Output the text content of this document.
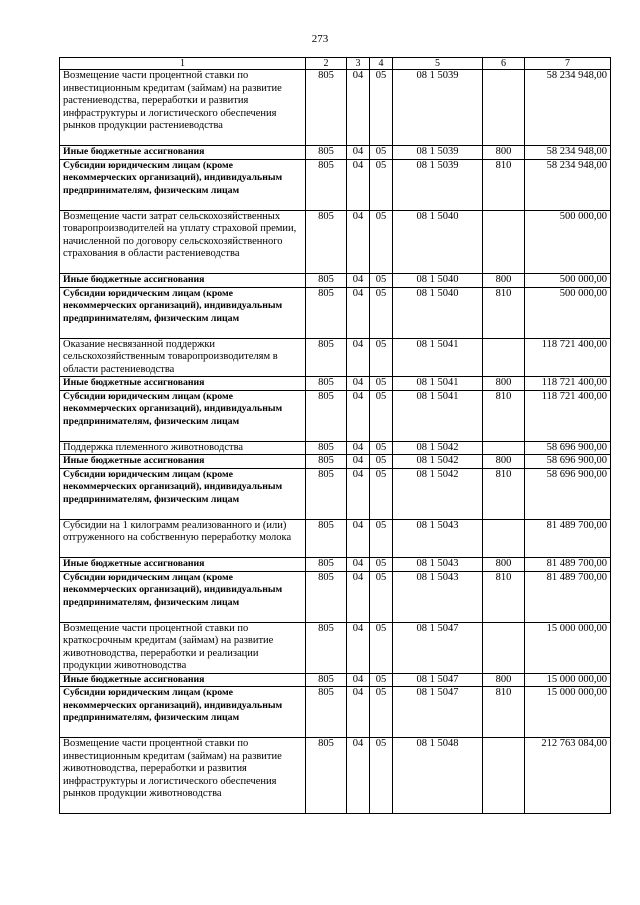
273
1	2	3	4	5	6	7
Возмещение части процентной ставки по инвестиционным кредитам (займам) на развитие растениеводства, переработки и развития инфраструктуры и логистического обеспечения рынков продукции растениеводства	805	04	05	08 1 5039		58 234 948,00
Иные бюджетные ассигнования	805	04	05	08 1 5039	800	58 234 948,00
Субсидии юридическим лицам (кроме некоммерческих организаций), индивидуальным предпринимателям, физическим лицам	805	04	05	08 1 5039	810	58 234 948,00
Возмещение части затрат сельскохозяйственных товаропроизводителей на уплату страховой премии, начисленной по договору сельскохозяйственного страхования в области растениеводства	805	04	05	08 1 5040		500 000,00
Иные бюджетные ассигнования	805	04	05	08 1 5040	800	500 000,00
Субсидии юридическим лицам (кроме некоммерческих организаций), индивидуальным предпринимателям, физическим лицам	805	04	05	08 1 5040	810	500 000,00
Оказание несвязанной поддержки сельскохозяйственным товаропроизводителям в области растениеводства	805	04	05	08 1 5041		118 721 400,00
Иные бюджетные ассигнования	805	04	05	08 1 5041	800	118 721 400,00
Субсидии юридическим лицам (кроме некоммерческих организаций), индивидуальным предпринимателям, физическим лицам	805	04	05	08 1 5041	810	118 721 400,00
Поддержка племенного животноводства	805	04	05	08 1 5042		58 696 900,00
Иные бюджетные ассигнования	805	04	05	08 1 5042	800	58 696 900,00
Субсидии юридическим лицам (кроме некоммерческих организаций), индивидуальным предпринимателям, физическим лицам	805	04	05	08 1 5042	810	58 696 900,00
Субсидии на 1 килограмм реализованного и (или) отгруженного на собственную переработку молока	805	04	05	08 1 5043		81 489 700,00
Иные бюджетные ассигнования	805	04	05	08 1 5043	800	81 489 700,00
Субсидии юридическим лицам (кроме некоммерческих организаций), индивидуальным предпринимателям, физическим лицам	805	04	05	08 1 5043	810	81 489 700,00
Возмещение части процентной ставки по краткосрочным кредитам (займам) на развитие животноводства, переработки и реализации продукции животноводства	805	04	05	08 1 5047		15 000 000,00
Иные бюджетные ассигнования	805	04	05	08 1 5047	800	15 000 000,00
Субсидии юридическим лицам (кроме некоммерческих организаций), индивидуальным предпринимателям, физическим лицам	805	04	05	08 1 5047	810	15 000 000,00
Возмещение части процентной ставки по инвестиционным кредитам (займам) на развитие животноводства, переработки и развития инфраструктуры и логистического обеспечения рынков продукции животноводства	805	04	05	08 1 5048		212 763 084,00
